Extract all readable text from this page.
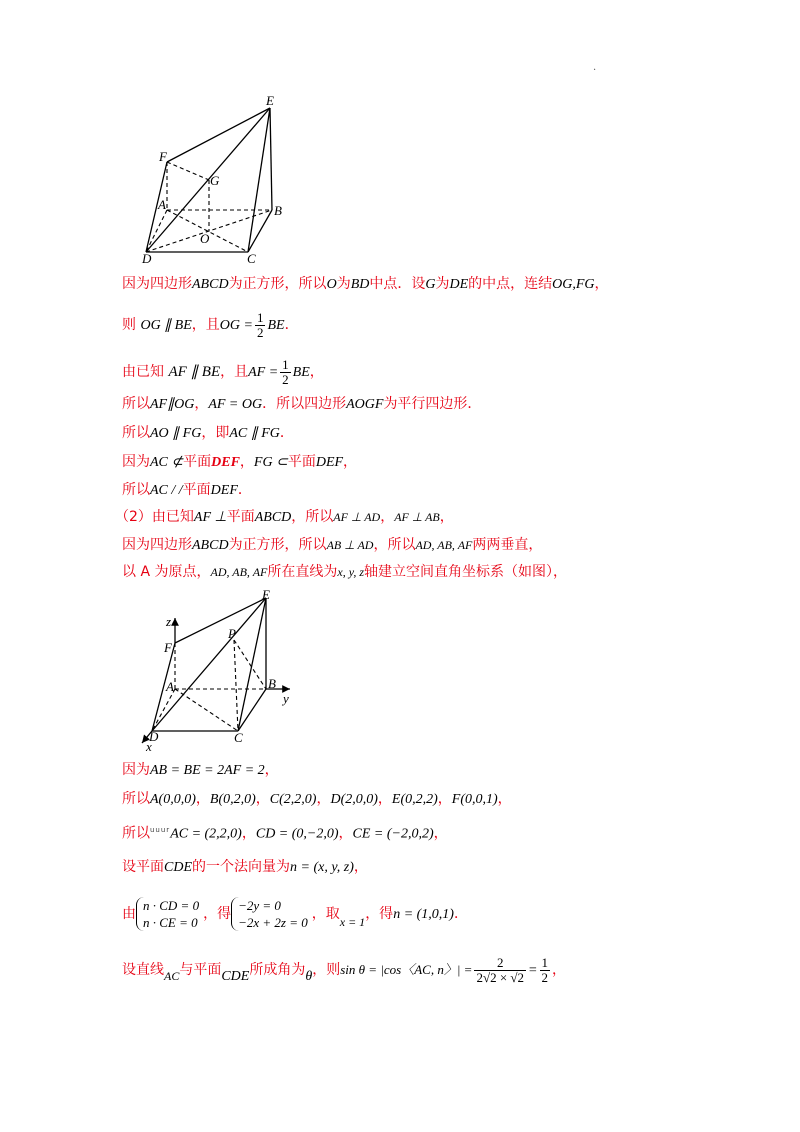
.
E
F
G
A	B
O
D	C
因为四边形ABCD为正方形，所以O为BD中点．设G为DE的中点，连结OG,FG，
则 OG ∥ BE，且OG = $\frac{1}{2}$ BE．
由已知 AF ∥ BE，且AF = $\frac{1}{2}$ BE，
所以AF∥OG，AF = OG．所以四边形AOGF为平行四边形．
所以AO ∥ FG，即AC ∥ FG．
因为AC ⊄平面DEF，FG ⊂平面DEF，
所以AC / /平面DEF．
（2）由已知AF ⊥平面ABCD，所以AF ⊥ AD，AF ⊥ AB，
因为四边形ABCD为正方形，所以AB ⊥ AD，所以AD, AB, AF两两垂直，
以 A 为原点，AD, AB, AF所在直线为x, y, z轴建立空间直角坐标系（如图），
E
z
P
F
A	B
y
D
x
C
因为AB = BE = 2AF = 2，
所以A(0,0,0)，B(0,2,0)，C(2,2,0)，D(2,0,0)，E(0,2,2)，F(0,0,1)，
所以$^{uuur}$AC = (2,2,0)，CD = (0,−2,0)，CE = (−2,0,2)，
设平面CDE的一个法向量为n = (x, y, z)，
由
n · CD = 0
n · CE = 0
，得
−2y = 0
−2x + 2z = 0
，取x = 1，得n = (1,0,1)．
设直线AC与平面CDE所成角为θ，则sin θ = |cos〈AC, n〉| = $\frac{2}{2√2 \times √2} = \frac{1}{2}$ ，
